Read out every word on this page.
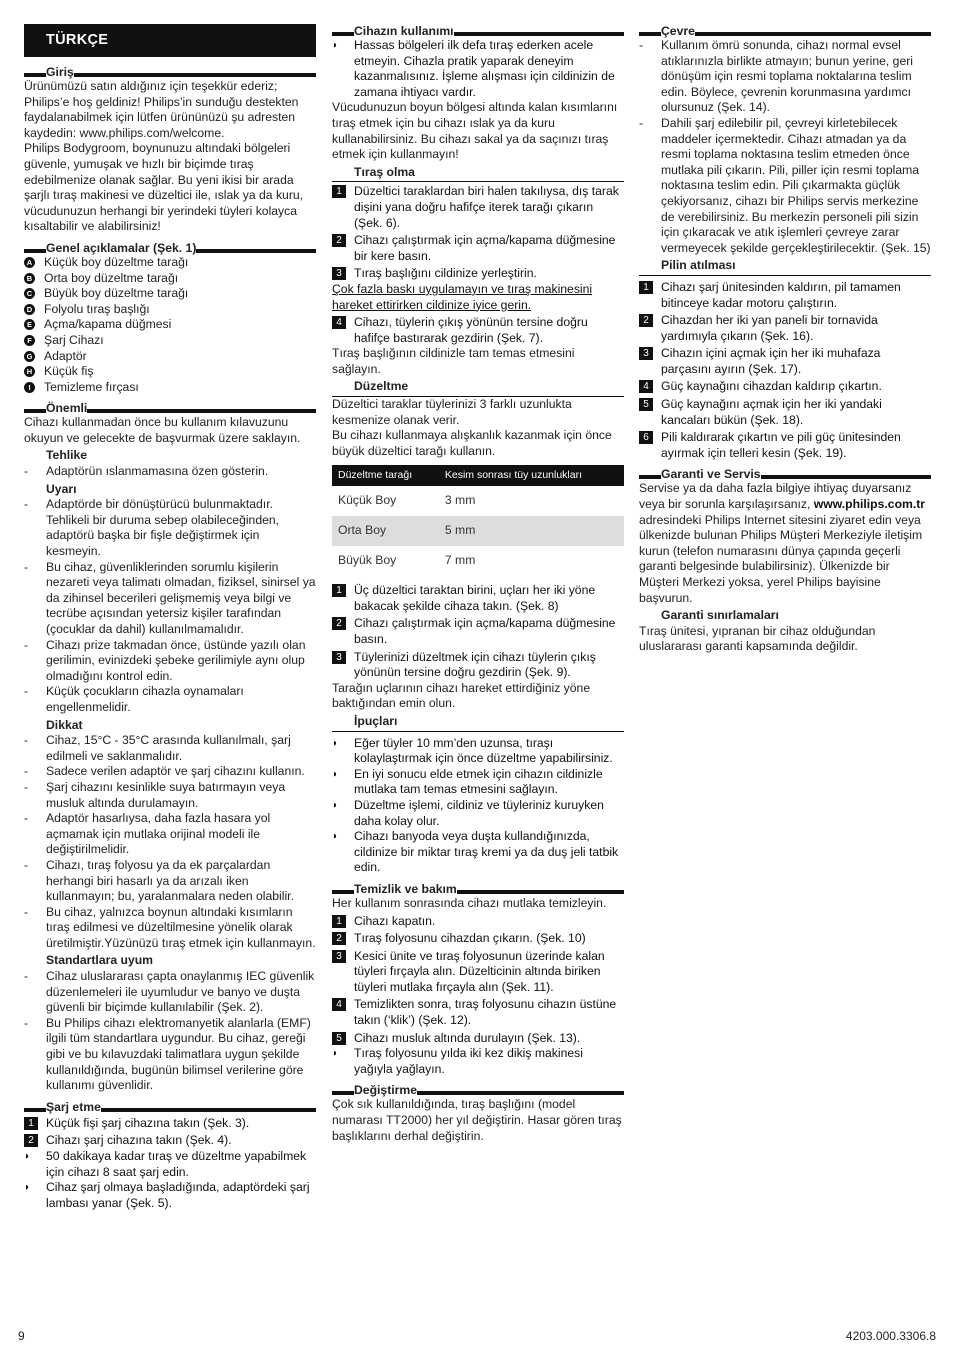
TÜRKÇE
Giriş

Ürünümüzü satın aldığınız için teşekkür ederiz; Philips’e hoş geldiniz! Philips’in sunduğu destekten faydalanabilmek için lütfen ürününüzü şu adresten kaydedin: www.philips.com/welcome.

Philips Bodygroom, boynunuzu altındaki bölgeleri güvenle, yumuşak ve hızlı bir biçimde tıraş edebilmenize olanak sağlar. Bu yeni ikisi bir arada şarjlı tıraş makinesi ve düzeltici ile, ıslak ya da kuru, vücudunuzun herhangi bir yerindeki tüyleri kolayca kısaltabilir ve alabilirsiniz!

Genel açıklamalar (Şek. 1)
A Küçük boy düzeltme tarağı
B Orta boy düzeltme tarağı
C Büyük boy düzeltme tarağı
D Folyolu tıraş başlığı
E Açma/kapama düğmesi
F Şarj Cihazı
G Adaptör
H Küçük fiş
I	Temizleme fırçası
Önemli

Cihazı kullanmadan önce bu kullanım kılavuzunu okuyun ve gelecekte de başvurmak üzere saklayın.

Tehlike
-	Adaptörün ıslanmamasına özen gösterin.
Uyarı
-	Adaptörde bir dönüştürücü bulunmaktadır. Tehlikeli bir duruma sebep olabileceğinden, adaptörü başka bir fişle değiştirmek için kesmeyin.
-	Bu cihaz, güvenliklerinden sorumlu kişilerin nezareti veya talimatı olmadan, fiziksel, sinirsel ya da zihinsel becerileri gelişmemiş veya bilgi ve tecrübe açısından yetersiz kişiler tarafından (çocuklar da dahil) kullanılmamalıdır.
-	Cihazı prize takmadan önce, üstünde yazılı olan gerilimin, evinizdeki şebeke gerilimiyle aynı olup olmadığını kontrol edin.
-	Küçük çocukların cihazla oynamaları engellenmelidir.
Dikkat
-	Cihaz, 15°C - 35°C arasında kullanılmalı, şarj edilmeli ve saklanmalıdır.
-	Sadece verilen adaptör ve şarj cihazını kullanın.
-	Şarj cihazını kesinlikle suya batırmayın veya musluk altında durulamayın.
-	Adaptör hasarlıysa, daha fazla hasara yol açmamak için mutlaka orijinal modeli ile değiştirilmelidir.
-	Cihazı, tıraş folyosu ya da ek parçalardan herhangi biri hasarlı ya da arızalı iken kullanmayın; bu, yaralanmalara neden olabilir.
-	Bu cihaz, yalnızca boynun altındaki kısımların tıraş edilmesi ve düzeltilmesine yönelik olarak üretilmiştir.Yüzünüzü tıraş etmek için kullanmayın.
Standartlara uyum
-	Cihaz uluslararası çapta onaylanmış IEC güvenlik düzenlemeleri ile uyumludur ve banyo ve duşta güvenli bir biçimde kullanılabilir (Şek. 2).
-	Bu Philips cihazı elektromanyetik alanlarla (EMF) ilgili tüm standartlara uygundur. Bu cihaz, gereği gibi ve bu kılavuzdaki talimatlara uygun şekilde kullanıldığında, bugünün bilimsel verilerine göre kullanımı güvenlidir.
Şarj etme
1	Küçük fişi şarj cihazına takın (Şek. 3).
2	Cihazı şarj cihazına takın (Şek. 4).
◗	50 dakikaya kadar tıraş ve düzeltme yapabilmek için cihazı 8 saat şarj edin.
◗	Cihaz şarj olmaya başladığında, adaptördeki şarj lambası yanar (Şek. 5).
Cihazın kullanımı
◗	Hassas bölgeleri ilk defa tıraş ederken acele etmeyin. Cihazla pratik yaparak deneyim kazanmalısınız. İşleme alışması için cildinizin de zamana ihtiyacı vardır.

Vücudunuzun boyun bölgesi altında kalan kısımlarını tıraş etmek için bu cihazı ıslak ya da kuru kullanabilirsiniz. Bu cihazı sakal ya da saçınızı tıraş etmek için kullanmayın!

Tıraş olma
1	Düzeltici taraklardan biri halen takılıysa, dış tarak dişini yana doğru hafifçe iterek tarağı çıkarın (Şek. 6).
2	Cihazı çalıştırmak için açma/kapama düğmesine bir kere basın.
3	Tıraş başlığını cildinize yerleştirin.

Çok fazla baskı uygulamayın ve tıraş makinesini hareket ettirirken cildinize iyice gerin.

4	Cihazı, tüylerin çıkış yönünün tersine doğru hafifçe bastırarak gezdirin (Şek. 7).

Tıraş başlığının cildinizle tam temas etmesini sağlayın.

Düzeltme

Düzeltici taraklar tüylerinizi 3 farklı uzunlukta kesmenize olanak verir.

Bu cihazı kullanmaya alışkanlık kazanmak için önce büyük düzeltici tarağı kullanın.

Düzeltme tarağı	Kesim sonrası tüy uzunlukları
Küçük Boy	3 mm
Orta Boy	5 mm
Büyük Boy	7 mm
1	Üç düzeltici taraktan birini, uçları her iki yöne bakacak şekilde cihaza takın. (Şek. 8)
2	Cihazı çalıştırmak için açma/kapama düğmesine basın.
3	Tüylerinizi düzeltmek için cihazı tüylerin çıkış yönünün tersine doğru gezdirin (Şek. 9).

Tarağın uçlarının cihazı hareket ettirdiğiniz yöne baktığından emin olun.

İpuçları
◗	Eğer tüyler 10 mm’den uzunsa, tıraşı kolaylaştırmak için önce düzeltme yapabilirsiniz.
◗	En iyi sonucu elde etmek için cihazın cildinizle mutlaka tam temas etmesini sağlayın.
◗	Düzeltme işlemi, cildiniz ve tüyleriniz kuruyken daha kolay olur.
◗	Cihazı banyoda veya duşta kullandığınızda, cildinize bir miktar tıraş kremi ya da duş jeli tatbik edin.
Temizlik ve bakım

Her kullanım sonrasında cihazı mutlaka temizleyin.

1	Cihazı kapatın.
2	Tıraş folyosunu cihazdan çıkarın. (Şek. 10)
3	Kesici ünite ve tıraş folyosunun üzerinde kalan tüyleri fırçayla alın. Düzelticinin altında biriken tüyleri mutlaka fırçayla alın (Şek. 11).
4	Temizlikten sonra, tıraş folyosunu cihazın üstüne takın (‘klik’) (Şek. 12).
5	Cihazı musluk altında durulayın (Şek. 13).
◗	Tıraş folyosunu yılda iki kez dikiş makinesi yağıyla yağlayın.
Değiştirme

Çok sık kullanıldığında, tıraş başlığını (model numarası TT2000) her yıl değiştirin. Hasar gören tıraş başlıklarını derhal değiştirin.

Çevre
-	Kullanım ömrü sonunda, cihazı normal evsel atıklarınızla birlikte atmayın; bunun yerine, geri dönüşüm için resmi toplama noktalarına teslim edin. Böylece, çevrenin korunmasına yardımcı olursunuz (Şek. 14).
-	Dahili şarj edilebilir pil, çevreyi kirletebilecek maddeler içermektedir. Cihazı atmadan ya da resmi toplama noktasına teslim etmeden önce mutlaka pili çıkarın. Pili, piller için resmi toplama noktasına teslim edin. Pili çıkarmakta güçlük çekiyorsanız, cihazı bir Philips servis merkezine de verebilirsiniz. Bu merkezin personeli pili sizin için çıkaracak ve atık işlemleri çevreye zarar vermeyecek şekilde gerçekleştirilecektir. (Şek. 15)
Pilin atılması
1	Cihazı şarj ünitesinden kaldırın, pil tamamen bitinceye kadar motoru çalıştırın.
2	Cihazdan her iki yan paneli bir tornavida yardımıyla çıkarın (Şek. 16).
3	Cihazın içini açmak için her iki muhafaza parçasını ayırın (Şek. 17).
4	Güç kaynağını cihazdan kaldırıp çıkartın.
5	Güç kaynağını açmak için her iki yandaki kancaları bükün (Şek. 18).
6	Pili kaldırarak çıkartın ve pili güç ünitesinden ayırmak için telleri kesin (Şek. 19).
Garanti ve Servis

Servise ya da daha fazla bilgiye ihtiyaç duyarsanız veya bir sorunla karşılaşırsanız, www.philips.com.tr adresindeki Philips Internet sitesini ziyaret edin veya ülkenizde bulunan Philips Müşteri Merkeziyle iletişim kurun (telefon numarasını dünya çapında geçerli garanti belgesinde bulabilirsiniz). Ülkenizde bir Müşteri Merkezi yoksa, yerel Philips bayisine başvurun.

Garanti sınırlamaları

Tıraş ünitesi, yıpranan bir cihaz olduğundan uluslararası garanti kapsamında değildir.

9	4203.000.3306.8
